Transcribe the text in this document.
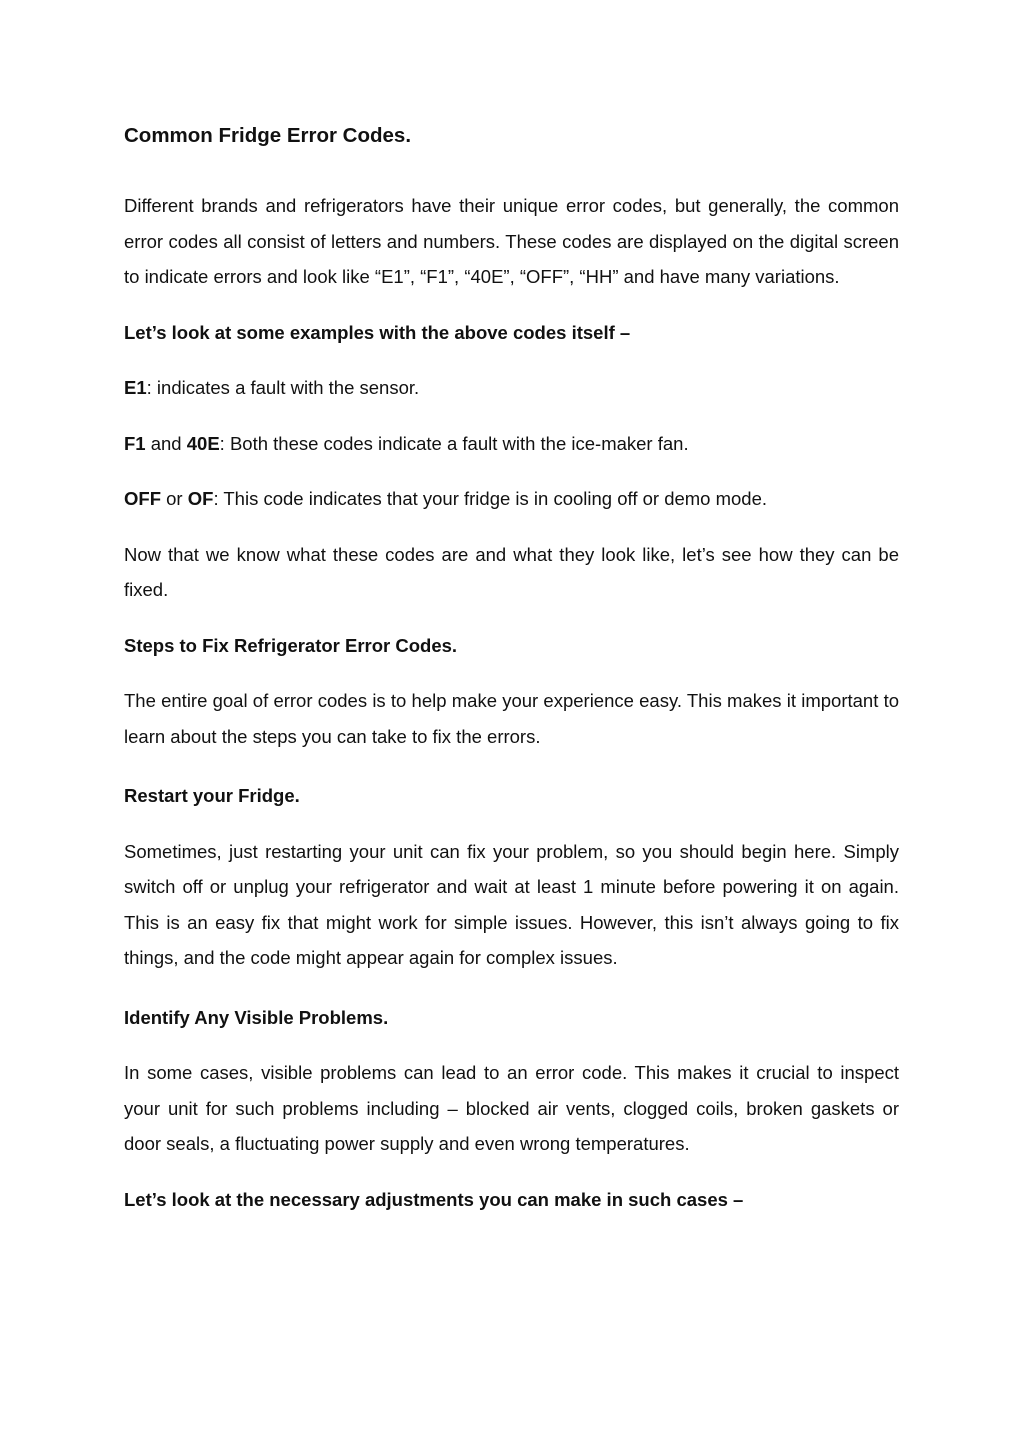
Common Fridge Error Codes.

Different brands and refrigerators have their unique error codes, but generally, the common error codes all consist of letters and numbers. These codes are displayed on the digital screen to indicate errors and look like “E1”, “F1”, “40E”, “OFF”, “HH” and have many variations.

Let’s look at some examples with the above codes itself –

E1: indicates a fault with the sensor.

F1 and 40E: Both these codes indicate a fault with the ice-maker fan.

OFF or OF: This code indicates that your fridge is in cooling off or demo mode.

Now that we know what these codes are and what they look like, let’s see how they can be fixed.

Steps to Fix Refrigerator Error Codes.

The entire goal of error codes is to help make your experience easy. This makes it important to learn about the steps you can take to fix the errors.

Restart your Fridge.

Sometimes, just restarting your unit can fix your problem, so you should begin here. Simply switch off or unplug your refrigerator and wait at least 1 minute before powering it on again. This is an easy fix that might work for simple issues. However, this isn’t always going to fix things, and the code might appear again for complex issues.

Identify Any Visible Problems.

In some cases, visible problems can lead to an error code. This makes it crucial to inspect your unit for such problems including – blocked air vents, clogged coils, broken gaskets or door seals, a fluctuating power supply and even wrong temperatures.

Let’s look at the necessary adjustments you can make in such cases –
